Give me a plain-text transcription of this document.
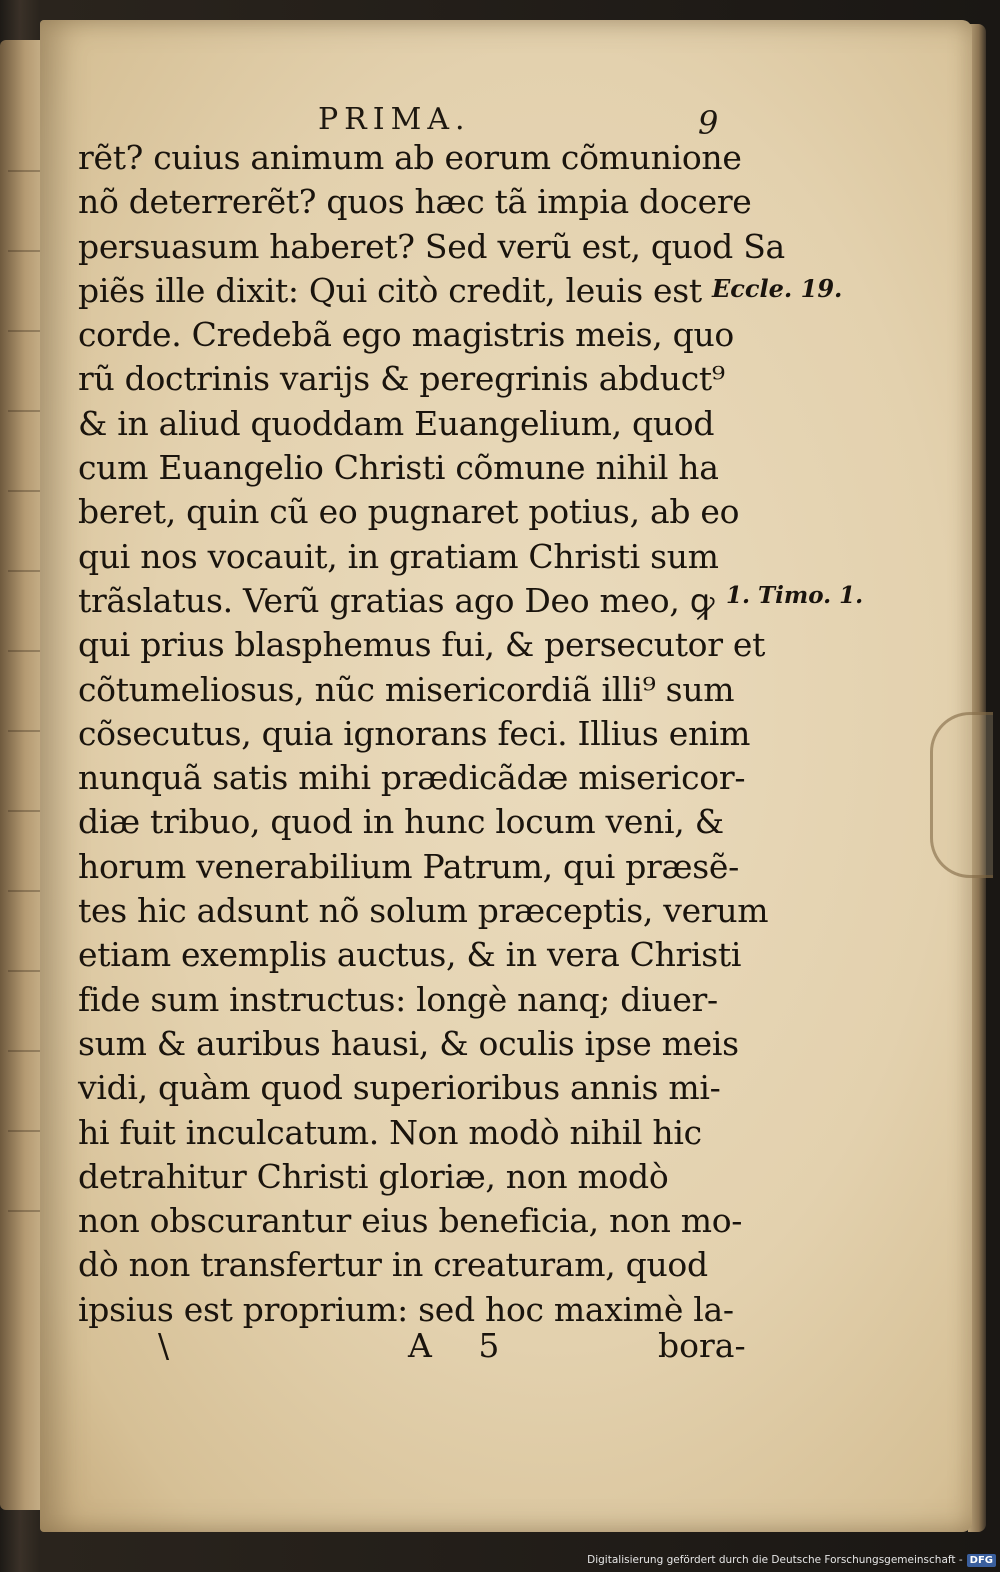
PRIMA.	9
rẽt? cuius animum ab eorum cõmunione
nõ deterrerẽt? quos hæc tã impia docere
persuasum haberet? Sed verũ est, quod Sa
piẽs ille dixit: Qui citò credit, leuis est
corde. Credebã ego magistris meis, quo
rũ doctrinis varijs & peregrinis abduct⁹
& in aliud quoddam Euangelium, quod
cum Euangelio Christi cõmune nihil ha
beret, quin cũ eo pugnaret potius, ab eo
qui nos vocauit, in gratiam Christi sum
trãslatus. Verũ gratias ago Deo meo, ꝙ
qui prius blasphemus fui, & persecutor et
cõtumeliosus, nũc misericordiã illi⁹ sum
cõsecutus, quia ignorans feci. Illius enim
nunquã satis mihi prædicãdæ misericor-
diæ tribuo, quod in hunc locum veni, &
horum venerabilium Patrum, qui præsẽ-
tes hic adsunt nõ solum præceptis, verum
etiam exemplis auctus, & in vera Christi
fide sum instructus: longè nanq; diuer-
sum & auribus hausi, & oculis ipse meis
vidi, quàm quod superioribus annis mi-
hi fuit inculcatum. Non modò nihil hic
detrahitur Christi gloriæ, non modò
non obscurantur eius beneficia, non mo-
dò non transfertur in creaturam, quod
ipsius est proprium: sed hoc maximè la-
Eccle. 19.
1. Timo. 1.
\	A 5	bora-
Digitalisierung gefördert durch die Deutsche Forschungsgemeinschaft - DFG
